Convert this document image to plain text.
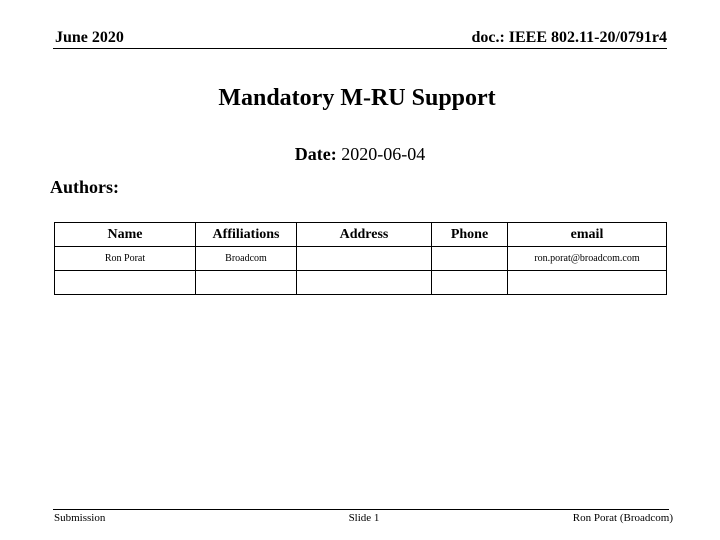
June 2020	doc.: IEEE 802.11-20/0791r4
Mandatory M-RU Support
Date: 2020-06-04
Authors:
Name	Affiliations	Address	Phone	email
Ron Porat	Broadcom			ron.porat@broadcom.com

Submission	Slide 1	Ron Porat (Broadcom)
